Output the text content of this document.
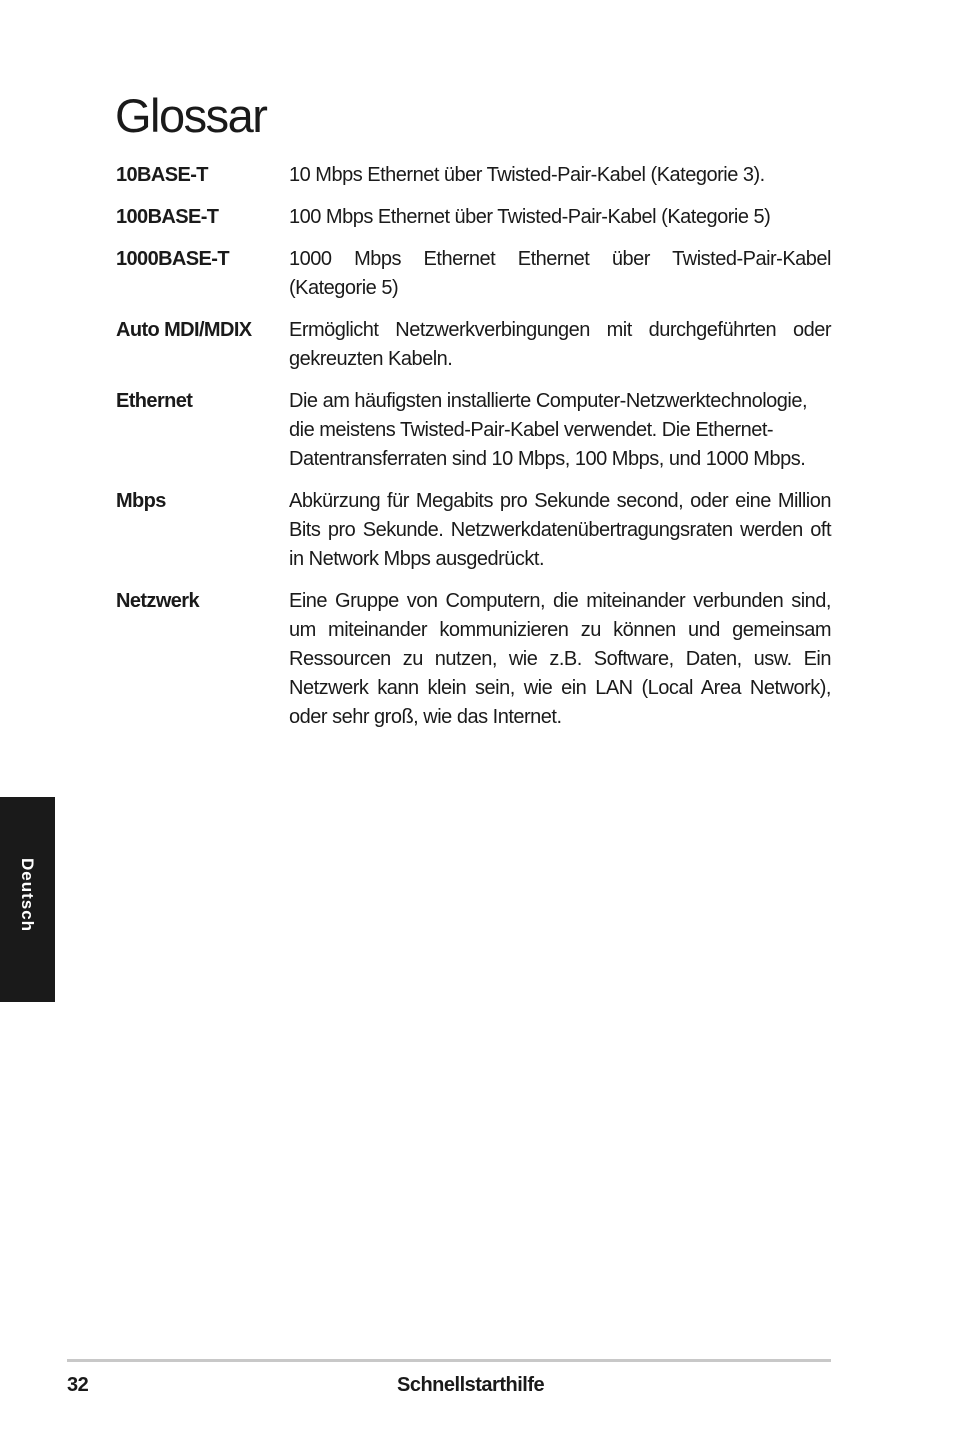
Glossar
10BASE-T	10 Mbps Ethernet über Twisted-Pair-Kabel (Kategorie 3).
100BASE-T	100 Mbps Ethernet über Twisted-Pair-Kabel (Kategorie 5)
1000BASE-T	1000 Mbps Ethernet Ethernet über Twisted-Pair-Kabel (Kategorie 5)
Auto MDI/MDIX	Ermöglicht Netzwerkverbingungen mit durchgeführten oder gekreuzten Kabeln.
Ethernet	Die am häufigsten installierte Computer-Netzwerktechnologie, die meistens Twisted-Pair-Kabel verwendet. Die Ethernet-Datentransferraten sind 10 Mbps, 100 Mbps, und 1000 Mbps.
Mbps	Abkürzung für Megabits pro Sekunde second, oder eine Million Bits pro Sekunde. Netzwerkdatenübertragungsraten werden oft in Network Mbps ausgedrückt.
Netzwerk	Eine Gruppe von Computern, die miteinander verbunden sind, um miteinander kommunizieren zu können und gemeinsam Ressourcen zu nutzen, wie z.B. Software, Daten, usw. Ein Netzwerk kann klein sein, wie ein LAN (Local Area Network), oder sehr groß, wie das Internet.
Deutsch
32	Schnellstarthilfe
